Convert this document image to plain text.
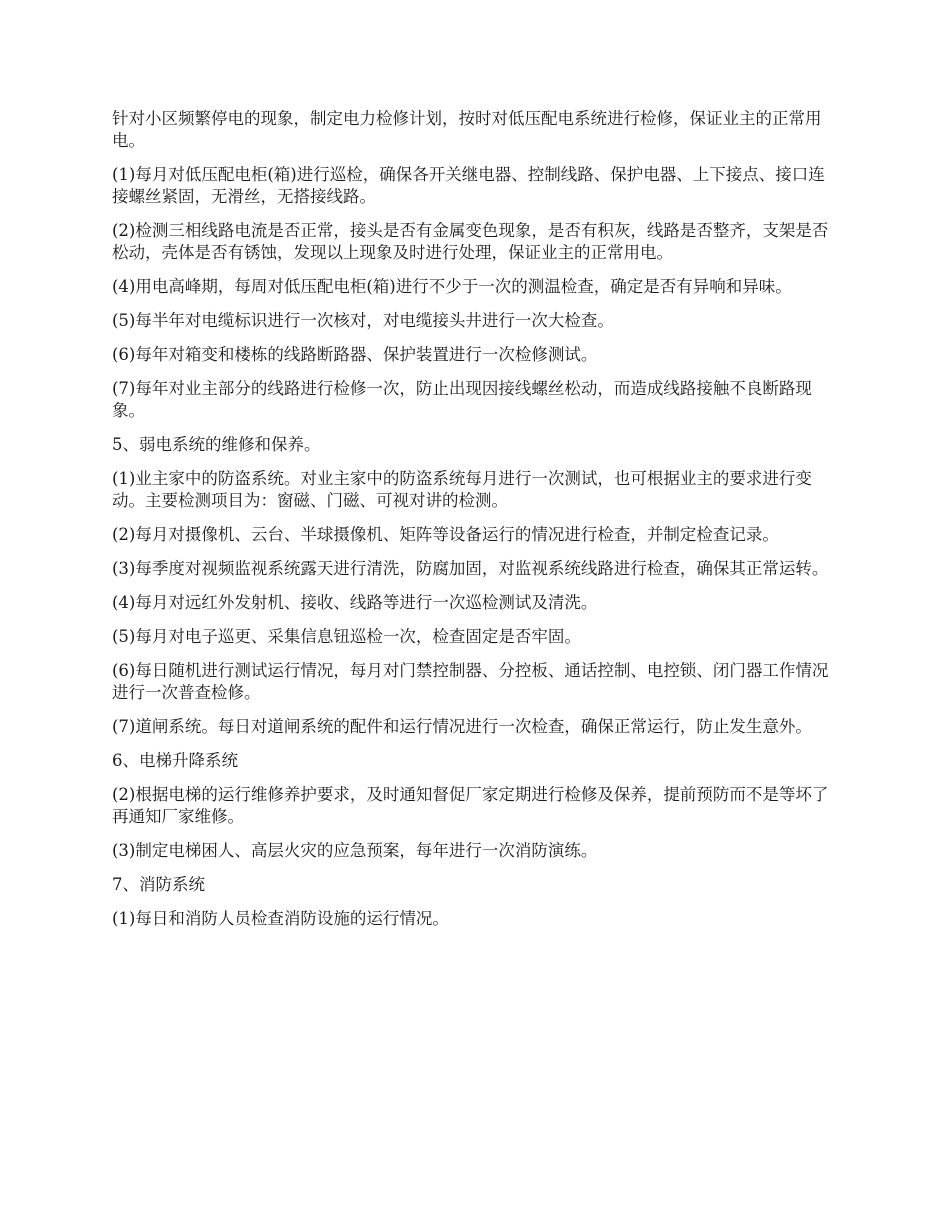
针对小区频繁停电的现象，制定电力检修计划，按时对低压配电系统进行检修，保证业主的正常用电。

(1)每月对低压配电柜(箱)进行巡检，确保各开关继电器、控制线路、保护电器、上下接点、接口连接螺丝紧固，无滑丝，无搭接线路。

(2)检测三相线路电流是否正常，接头是否有金属变色现象，是否有积灰，线路是否整齐，支架是否松动，壳体是否有锈蚀，发现以上现象及时进行处理，保证业主的正常用电。

(4)用电高峰期，每周对低压配电柜(箱)进行不少于一次的测温检查，确定是否有异响和异味。

(5)每半年对电缆标识进行一次核对，对电缆接头井进行一次大检查。

(6)每年对箱变和楼栋的线路断路器、保护装置进行一次检修测试。

(7)每年对业主部分的线路进行检修一次，防止出现因接线螺丝松动，而造成线路接触不良断路现象。

5、弱电系统的维修和保养。

(1)业主家中的防盗系统。对业主家中的防盗系统每月进行一次测试，也可根据业主的要求进行变动。主要检测项目为：窗磁、门磁、可视对讲的检测。

(2)每月对摄像机、云台、半球摄像机、矩阵等设备运行的情况进行检查，并制定检查记录。

(3)每季度对视频监视系统露天进行清洗，防腐加固，对监视系统线路进行检查，确保其正常运转。

(4)每月对远红外发射机、接收、线路等进行一次巡检测试及清洗。

(5)每月对电子巡更、采集信息钮巡检一次，检查固定是否牢固。

(6)每日随机进行测试运行情况，每月对门禁控制器、分控板、通话控制、电控锁、闭门器工作情况进行一次普查检修。

(7)道闸系统。每日对道闸系统的配件和运行情况进行一次检查，确保正常运行，防止发生意外。

6、电梯升降系统

(2)根据电梯的运行维修养护要求，及时通知督促厂家定期进行检修及保养，提前预防而不是等坏了再通知厂家维修。

(3)制定电梯困人、高层火灾的应急预案，每年进行一次消防演练。

7、消防系统

(1)每日和消防人员检查消防设施的运行情况。
